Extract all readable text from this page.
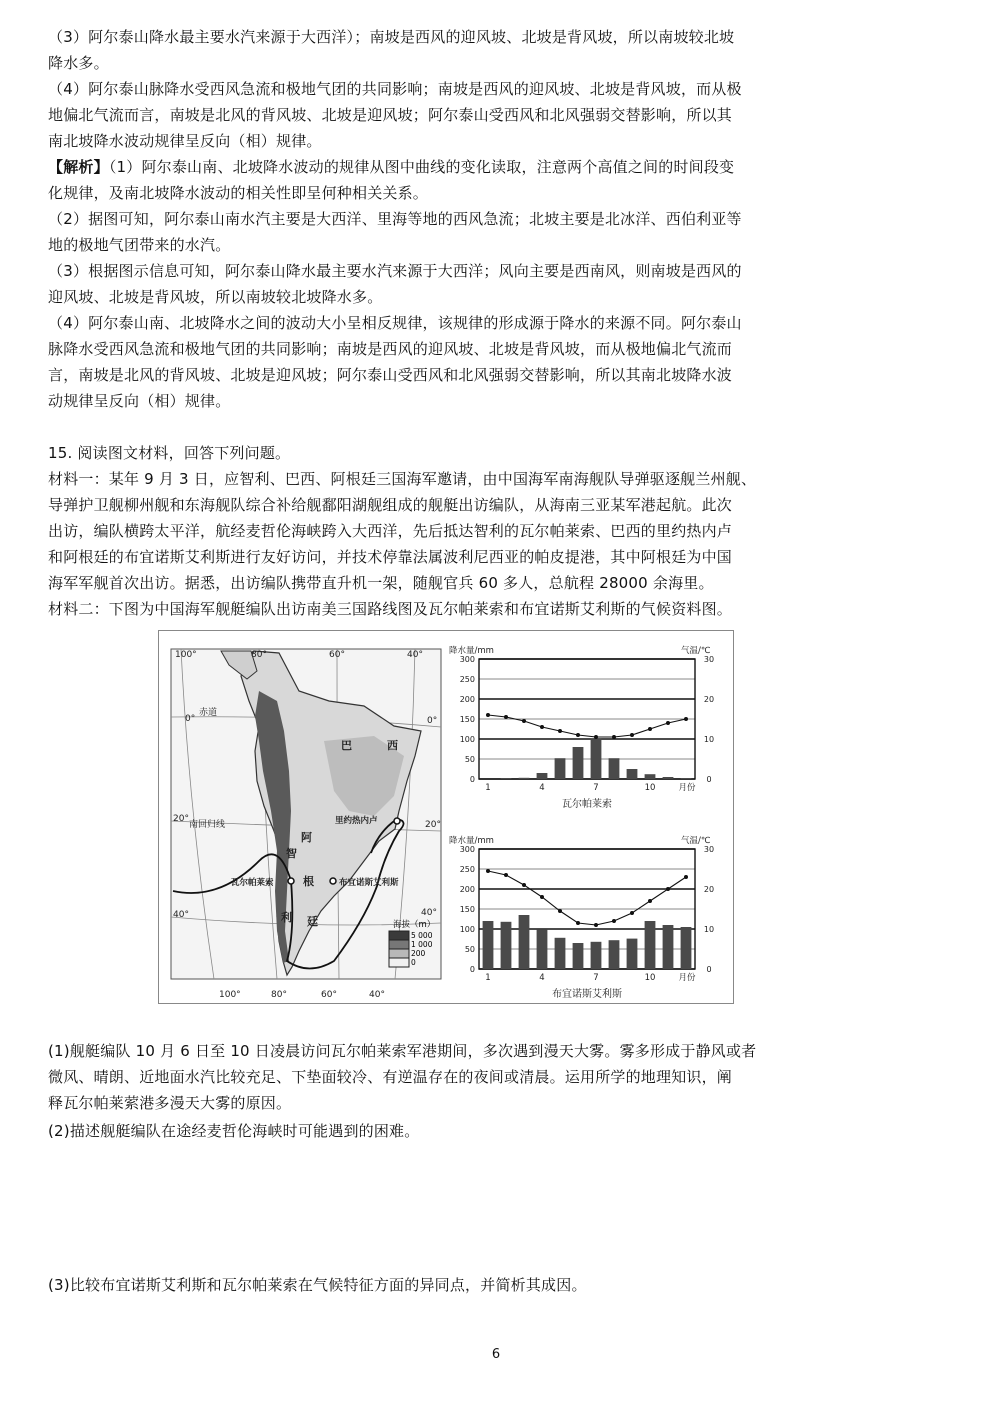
（3）阿尔泰山降水最主要水汽来源于大西洋）；南坡是西风的迎风坡、北坡是背风坡，所以南坡较北坡
降水多。
（4）阿尔泰山脉降水受西风急流和极地气团的共同影响；南坡是西风的迎风坡、北坡是背风坡，而从极
地偏北气流而言，南坡是北风的背风坡、北坡是迎风坡；阿尔泰山受西风和北风强弱交替影响，所以其
南北坡降水波动规律呈反向（相）规律。
【解析】（1）阿尔泰山南、北坡降水波动的规律从图中曲线的变化读取，注意两个高值之间的时间段变
化规律，及南北坡降水波动的相关性即呈何种相关关系。
（2）据图可知，阿尔泰山南水汽主要是大西洋、里海等地的西风急流；北坡主要是北冰洋、西伯利亚等
地的极地气团带来的水汽。
（3）根据图示信息可知，阿尔泰山降水最主要水汽来源于大西洋；风向主要是西南风，则南坡是西风的
迎风坡、北坡是背风坡，所以南坡较北坡降水多。
（4）阿尔泰山南、北坡降水之间的波动大小呈相反规律，该规律的形成源于降水的来源不同。阿尔泰山
脉降水受西风急流和极地气团的共同影响；南坡是西风的迎风坡、北坡是背风坡，而从极地偏北气流而
言，南坡是北风的背风坡、北坡是迎风坡；阿尔泰山受西风和北风强弱交替影响，所以其南北坡降水波
动规律呈反向（相）规律。
15. 阅读图文材料，回答下列问题。
材料一：某年 9 月 3 日，应智利、巴西、阿根廷三国海军邀请，由中国海军南海舰队导弹驱逐舰兰州舰、
导弹护卫舰柳州舰和东海舰队综合补给舰鄱阳湖舰组成的舰艇出访编队，从海南三亚某军港起航。此次
出访，编队横跨太平洋，航经麦哲伦海峡跨入大西洋，先后抵达智利的瓦尔帕莱索、巴西的里约热内卢
和阿根廷的布宜诺斯艾利斯进行友好访问，并技术停靠法属波利尼西亚的帕皮提港，其中阿根廷为中国
海军军舰首次出访。据悉，出访编队携带直升机一架，随舰官兵 60 多人，总航程 28000 余海里。
材料二：下图为中国海军舰艇编队出访南美三国路线图及瓦尔帕莱索和布宜诺斯艾利斯的气候资料图。
100°	80°	60°	40°
100°	80°	60°	40°
0°
20°
40°
0°
20°
40°
赤道
南回归线
巴	西
阿
根
廷
智
利
里约热内卢
瓦尔帕莱索	布宜诺斯艾利斯
海拔（m）
5 000
1 000
200
0
0
50
100
150
200
250
300
0
10
20
30
降水量/mm	气温/℃
1	4	7	10	月份
瓦尔帕莱索
0
50
100
150
200
250
300
0
10
20
30
降水量/mm	气温/℃
1	4	7	10	月份
布宜诺斯艾利斯
(1)舰艇编队 10 月 6 日至 10 日凌晨访问瓦尔帕莱索军港期间，多次遇到漫天大雾。雾多形成于静风或者
微风、晴朗、近地面水汽比较充足、下垫面较冷、有逆温存在的夜间或清晨。运用所学的地理知识，阐
释瓦尔帕莱萦港多漫天大雾的原因。
(2)描述舰艇编队在途经麦哲伦海峡时可能遇到的困难。
(3)比较布宜诺斯艾利斯和瓦尔帕莱索在气候特征方面的异同点，并简析其成因。
6
